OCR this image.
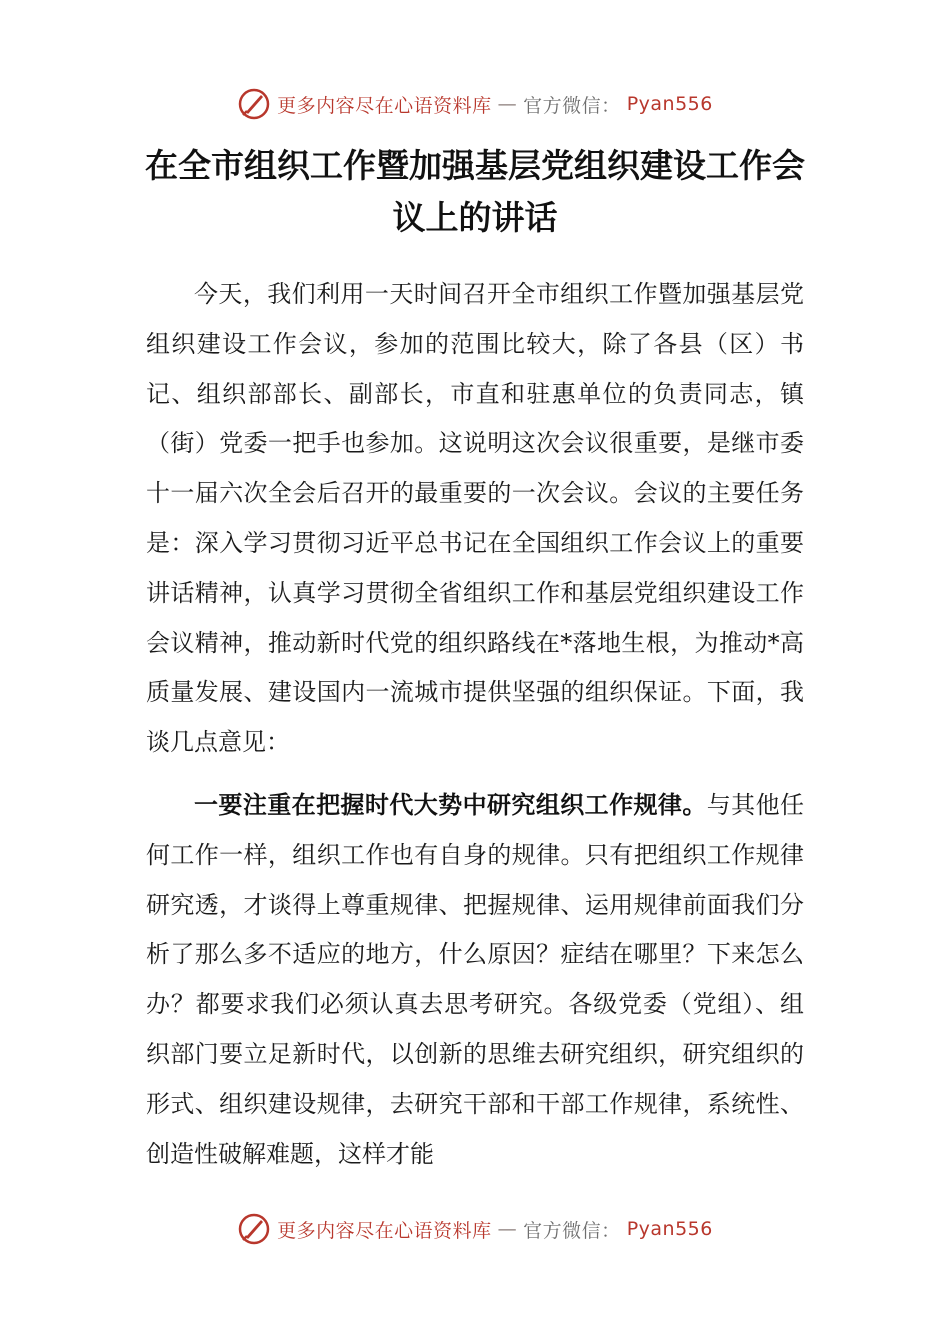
更多内容尽在心语资料库 — 官方微信： Pyan556
在全市组织工作暨加强基层党组织建设工作会议上的讲话

今天，我们利用一天时间召开全市组织工作暨加强基层党组织建设工作会议，参加的范围比较大，除了各县（区）书记、组织部部长、副部长，市直和驻惠单位的负责同志，镇（街）党委一把手也参加。这说明这次会议很重要，是继市委十一届六次全会后召开的最重要的一次会议。会议的主要任务是：深入学习贯彻习近平总书记在全国组织工作会议上的重要讲话精神，认真学习贯彻全省组织工作和基层党组织建设工作会议精神，推动新时代党的组织路线在*落地生根，为推动*高质量发展、建设国内一流城市提供坚强的组织保证。下面，我谈几点意见：

一要注重在把握时代大势中研究组织工作规律。与其他任何工作一样，组织工作也有自身的规律。只有把组织工作规律研究透，才谈得上尊重规律、把握规律、运用规律前面我们分析了那么多不适应的地方，什么原因？症结在哪里？下来怎么办？都要求我们必须认真去思考研究。各级党委（党组）、组织部门要立足新时代，以创新的思维去研究组织，研究组织的形式、组织建设规律，去研究干部和干部工作规律，系统性、创造性破解难题，这样才能

更多内容尽在心语资料库 — 官方微信： Pyan556
